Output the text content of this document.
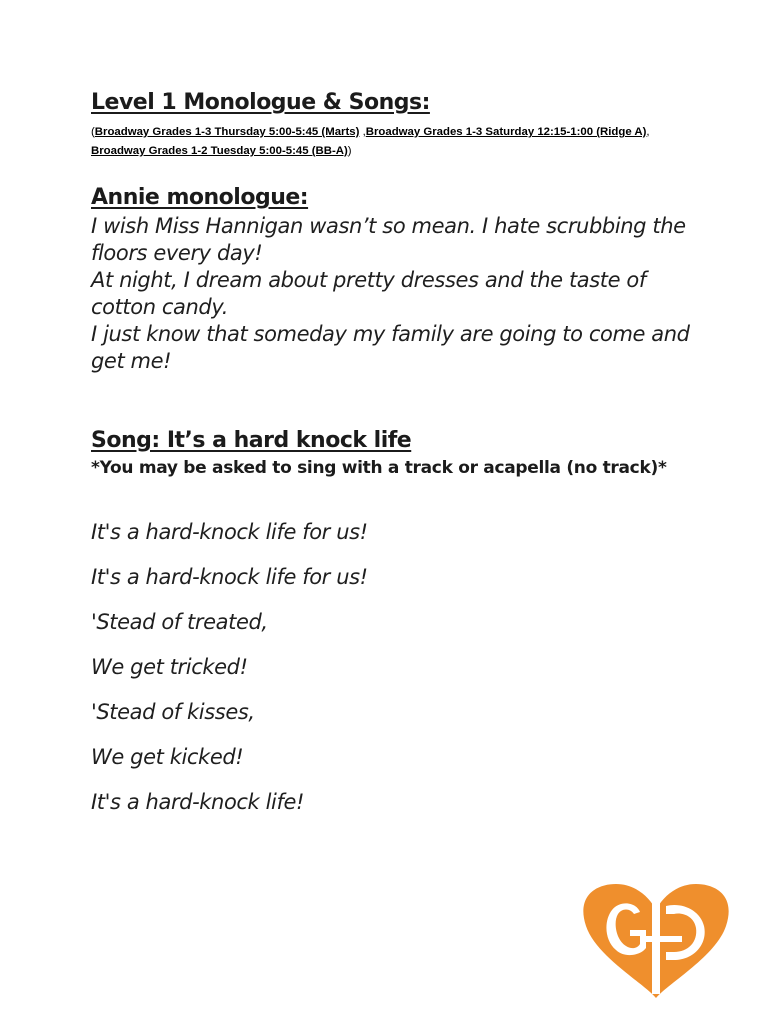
Level 1 Monologue & Songs:
(Broadway Grades 1-3 Thursday 5:00-5:45 (Marts) ,Broadway Grades 1-3 Saturday 12:15-1:00 (Ridge A), Broadway Grades 1-2 Tuesday 5:00-5:45 (BB-A))
Annie monologue:

I wish Miss Hannigan wasn’t so mean. I hate scrubbing the floors every day!

At night, I dream about pretty dresses and the taste of cotton candy.

I just know that someday my family are going to come and get me!

Song: It’s a hard knock life
*You may be asked to sing with a track or acapella (no track)*
It's a hard-knock life for us!
It's a hard-knock life for us!
'Stead of treated,
We get tricked!
'Stead of kisses,
We get kicked!
It's a hard-knock life!
